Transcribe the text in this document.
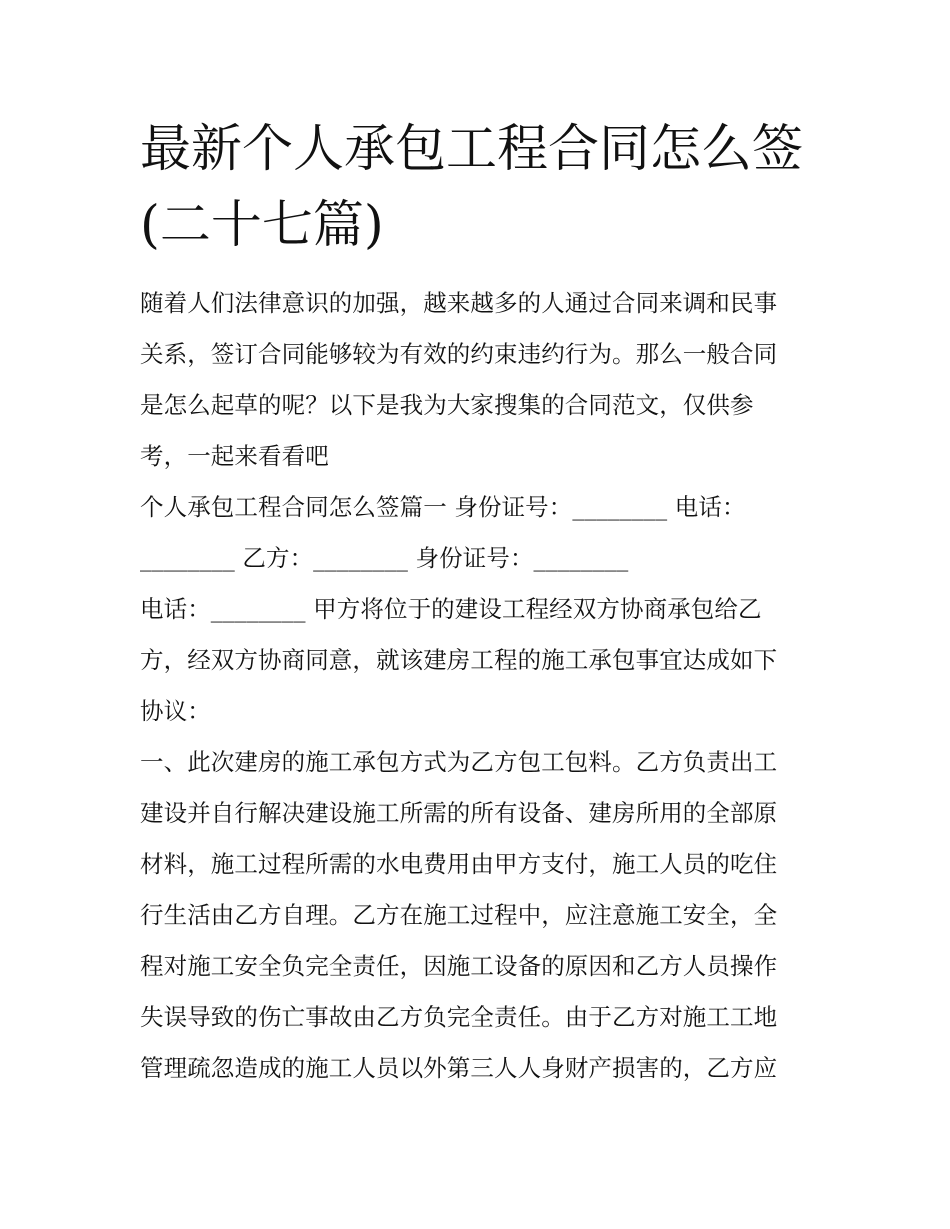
最新个人承包工程合同怎么签
(二十七篇)
随着人们法律意识的加强，越来越多的人通过合同来调和民事
关系，签订合同能够较为有效的约束违约行为。那么一般合同
是怎么起草的呢？以下是我为大家搜集的合同范文，仅供参
考，一起来看看吧
个人承包工程合同怎么签篇一 身份证号：________ 电话：
________ 乙方：________ 身份证号：________
电话：________ 甲方将位于的建设工程经双方协商承包给乙
方，经双方协商同意，就该建房工程的施工承包事宜达成如下
协议：
一、此次建房的施工承包方式为乙方包工包料。乙方负责出工
建设并自行解决建设施工所需的所有设备、建房所用的全部原
材料，施工过程所需的水电费用由甲方支付，施工人员的吃住
行生活由乙方自理。乙方在施工过程中，应注意施工安全，全
程对施工安全负完全责任，因施工设备的原因和乙方人员操作
失误导致的伤亡事故由乙方负完全责任。由于乙方对施工工地
管理疏忽造成的施工人员以外第三人人身财产损害的，乙方应
